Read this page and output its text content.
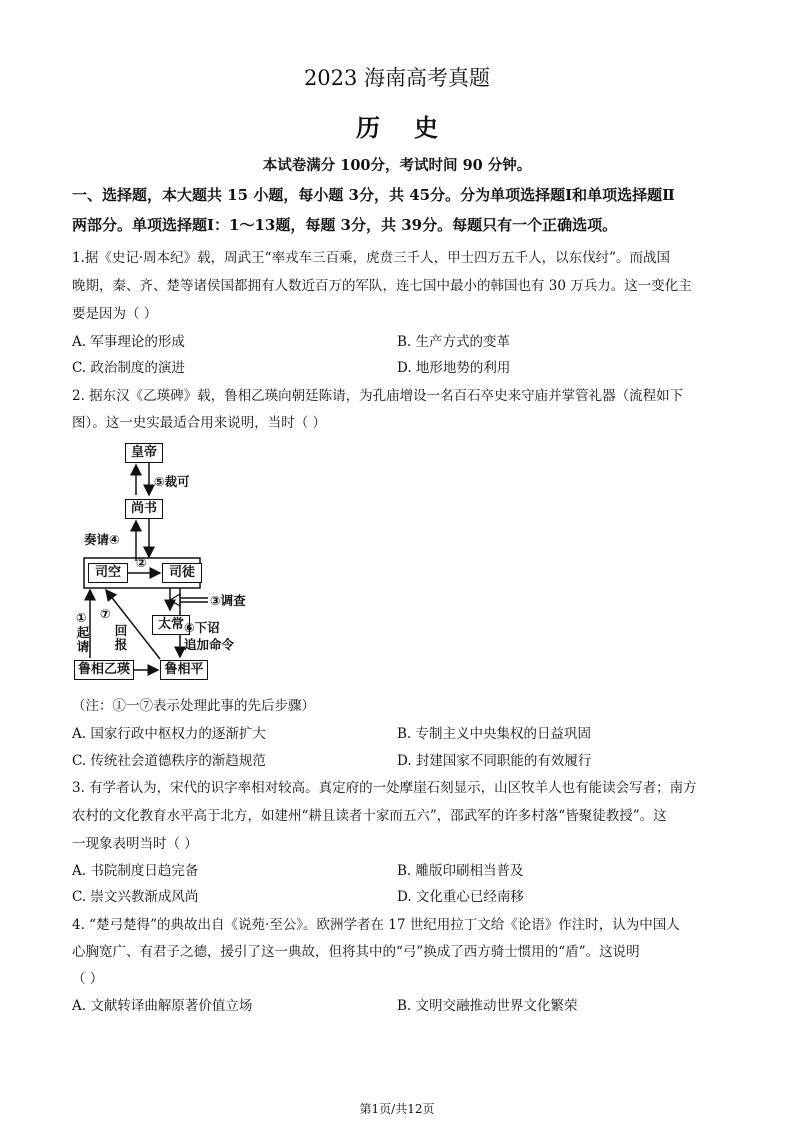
2023 海南高考真题
历史
本试卷满分 100分，考试时间 90 分钟。
一、选择题，本大题共 15 小题，每小题 3分，共 45分。分为单项选择题Ⅰ和单项选择题Ⅱ
两部分。单项选择题Ⅰ：1～13题，每题 3分，共 39分。每题只有一个正确选项。
1.据《史记·周本纪》载，周武王“率戎车三百乘，虎贲三千人，甲士四万五千人，以东伐纣”。而战国
晚期，秦、齐、楚等诸侯国都拥有人数近百万的军队，连七国中最小的韩国也有 30 万兵力。这一变化主
要是因为（ ）
A. 军事理论的形成	B. 生产方式的变革
C. 政治制度的演进	D. 地形地势的利用
2. 据东汉《乙瑛碑》载，鲁相乙瑛向朝廷陈请，为孔庙增设一名百石卒史来守庙并掌管礼器（流程如下
图）。这一史实最适合用来说明，当时（ ）
皇帝
尚书
司空	司徒
太常
鲁相乙瑛	鲁相平
⑤裁可
奏请④
②
③调查
⑥下诏
追加命令
①
起请
⑦
回报
（注：①一⑦表示处理此事的先后步骤）
A. 国家行政中枢权力的逐渐扩大	B. 专制主义中央集权的日益巩固
C. 传统社会道德秩序的渐趋规范	D. 封建国家不同职能的有效履行
3. 有学者认为，宋代的识字率相对较高。真定府的一处摩崖石刻显示，山区牧羊人也有能读会写者；南方
农村的文化教育水平高于北方，如建州“耕且读者十家而五六”，邵武军的许多村落“皆聚徒教授”。这
一现象表明当时（ ）
A. 书院制度日趋完备	B. 雕版印刷相当普及
C. 崇文兴教渐成风尚	D. 文化重心已经南移
4. “楚弓楚得”的典故出自《说苑·至公》。欧洲学者在 17 世纪用拉丁文给《论语》作注时，认为中国人
心胸宽广、有君子之德，援引了这一典故，但将其中的“弓”换成了西方骑士惯用的“盾”。这说明
（ ）
A. 文献转译曲解原著价值立场	B. 文明交融推动世界文化繁荣
第1页/共12页
